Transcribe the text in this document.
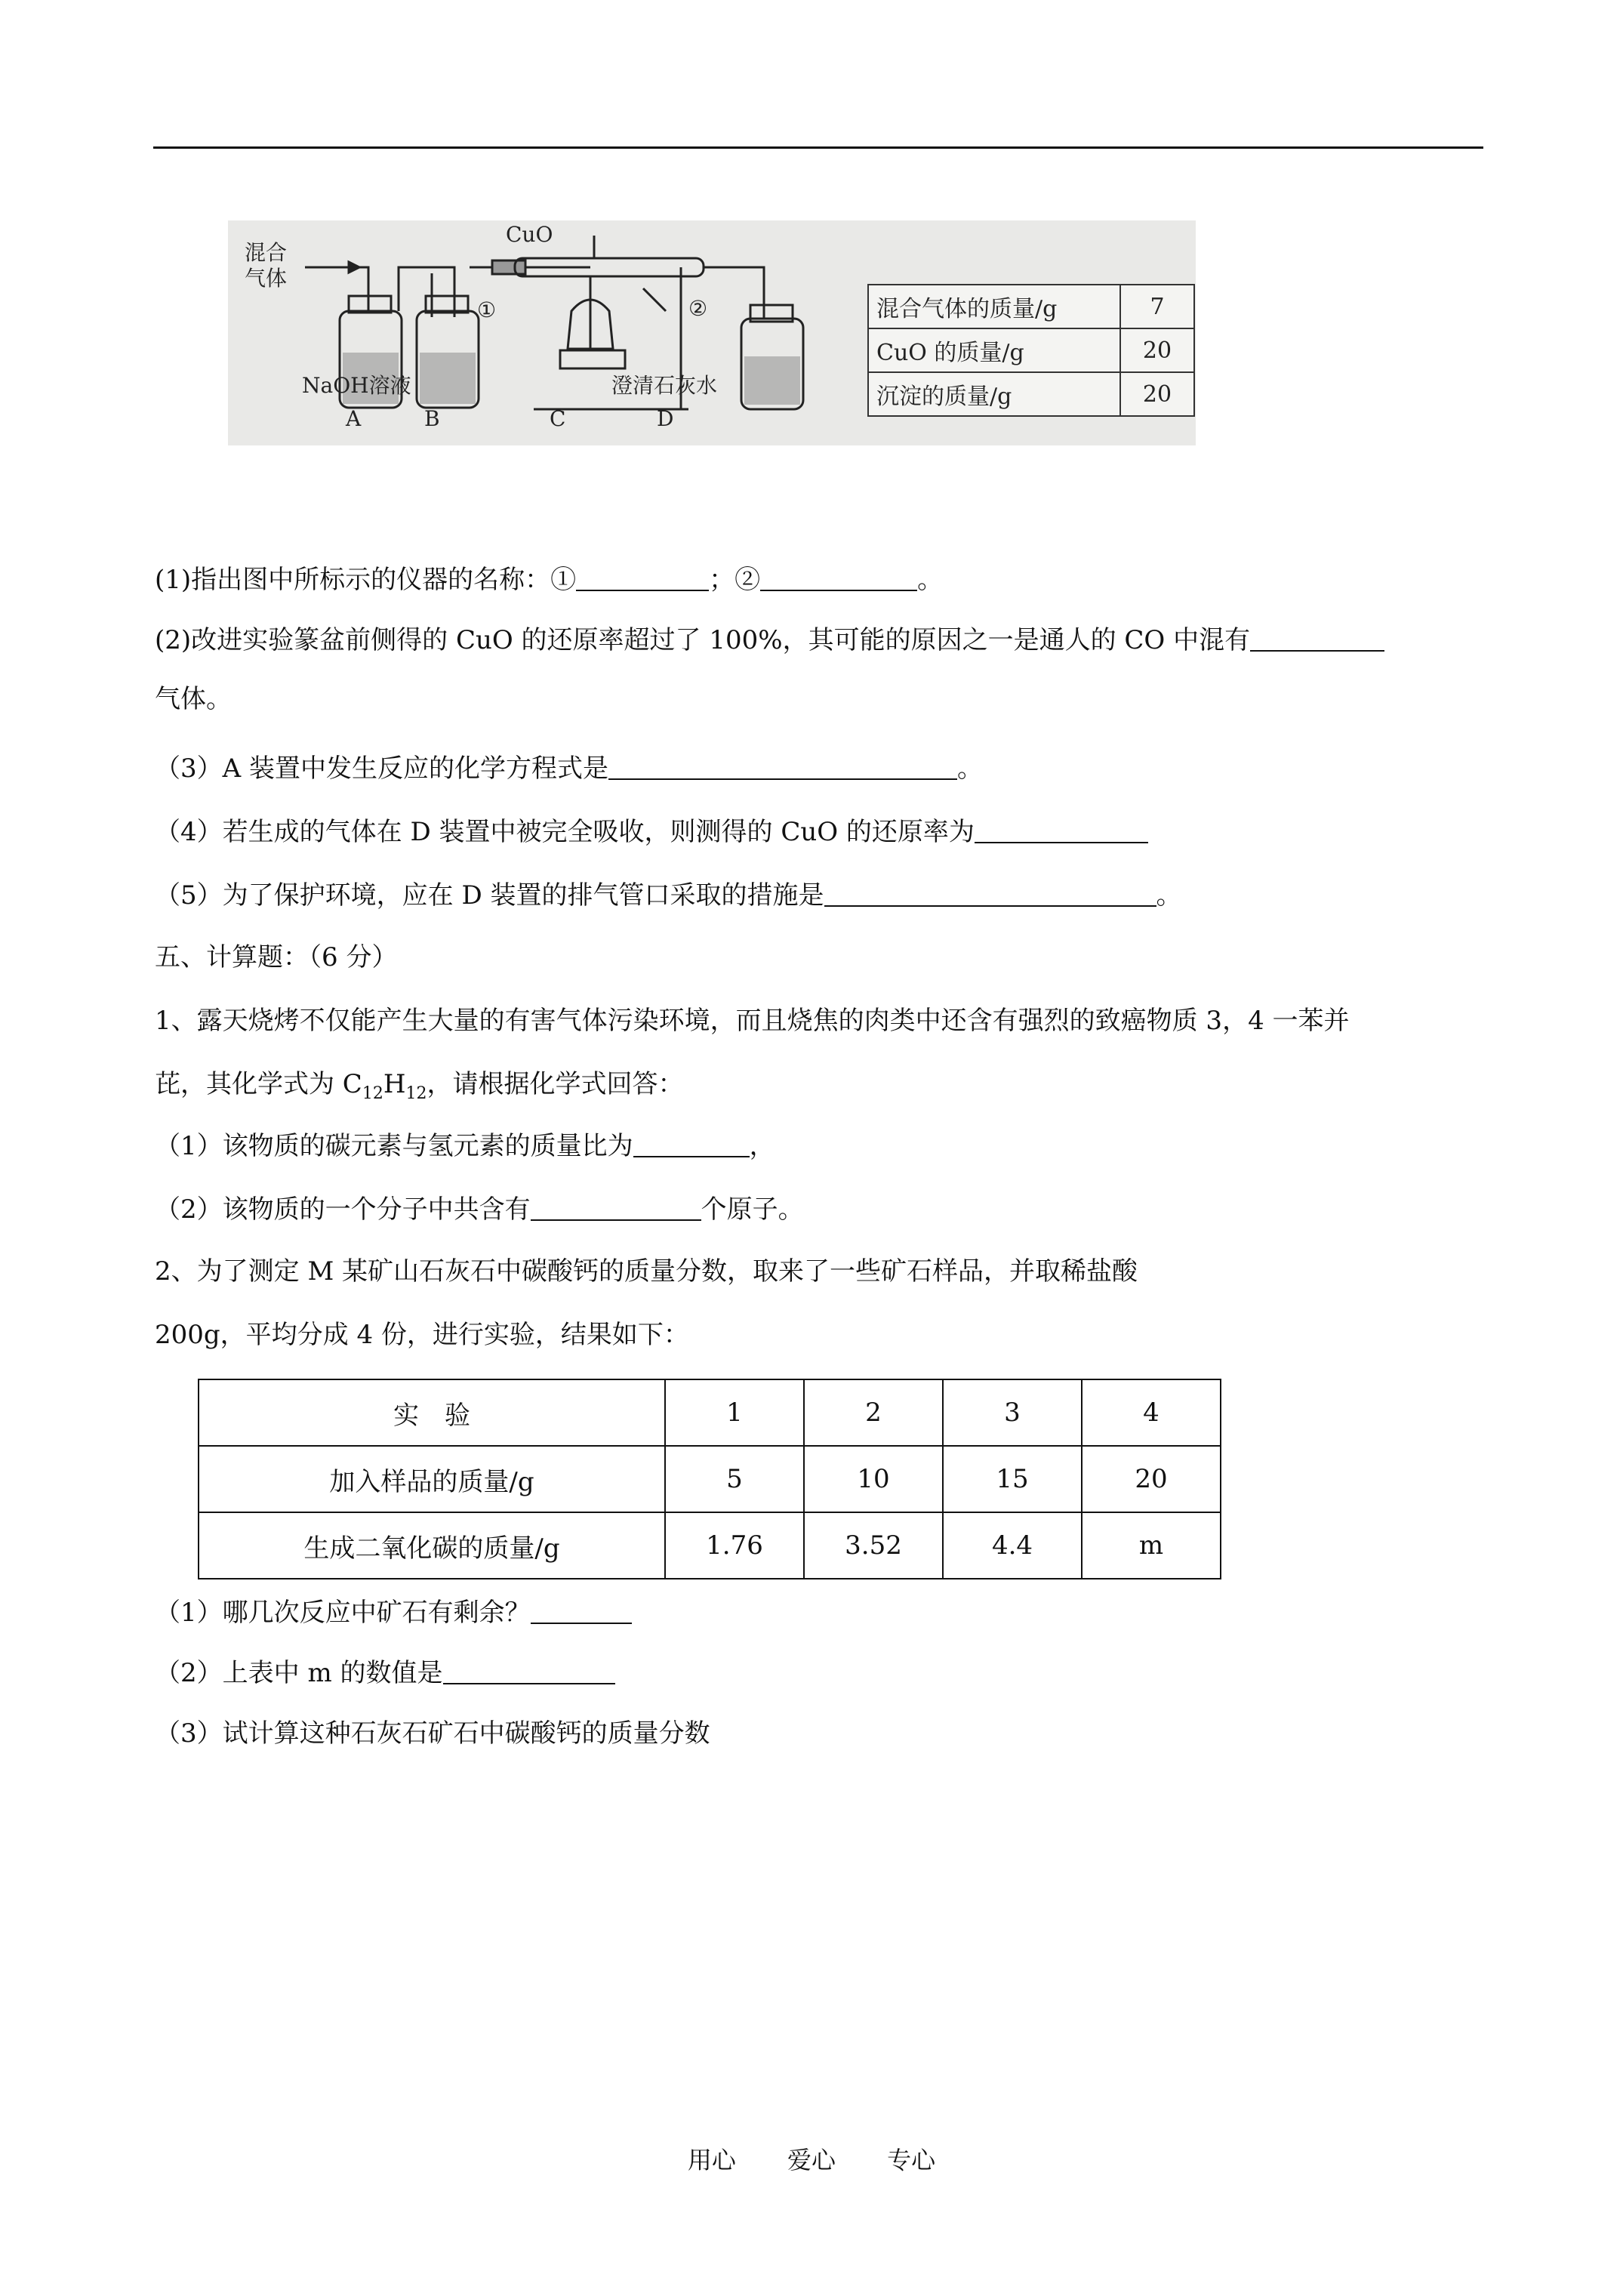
混合
气体
CuO
①	②
NaOH溶液	澄清石灰水
A	B	C	D
混合气体的质量/g	7
CuO 的质量/g	20
沉淀的质量/g	20
(1)指出图中所标示的仪器的名称：①	；②	。
(2)改进实验篆盆前侧得的 CuO 的还原率超过了 100%，其可能的原因之一是通人的 CO 中混有
气体。
（3）A 装置中发生反应的化学方程式是	。
（4）若生成的气体在 D 装置中被完全吸收，则测得的 CuO 的还原率为
（5）为了保护环境，应在 D 装置的排气管口采取的措施是	。
五、计算题：（6 分）
1、露天烧烤不仅能产生大量的有害气体污染环境，而且烧焦的肉类中还含有强烈的致癌物质 3，4 一苯并
芘，其化学式为 $C_{12}H_{12}$，请根据化学式回答：
（1）该物质的碳元素与氢元素的质量比为	，
（2）该物质的一个分子中共含有	个原子。
2、为了测定 M 某矿山石灰石中碳酸钙的质量分数，取来了一些矿石样品，并取稀盐酸
200g，平均分成 4 份，进行实验，结果如下：
实　验	1	2	3	4
加入样品的质量/g	5	10	15	20
生成二氧化碳的质量/g	1.76	3.52	4.4	m
（1）哪几次反应中矿石有剩余？
（2）上表中 m 的数值是
（3）试计算这种石灰石矿石中碳酸钙的质量分数
用心 爱心 专心
